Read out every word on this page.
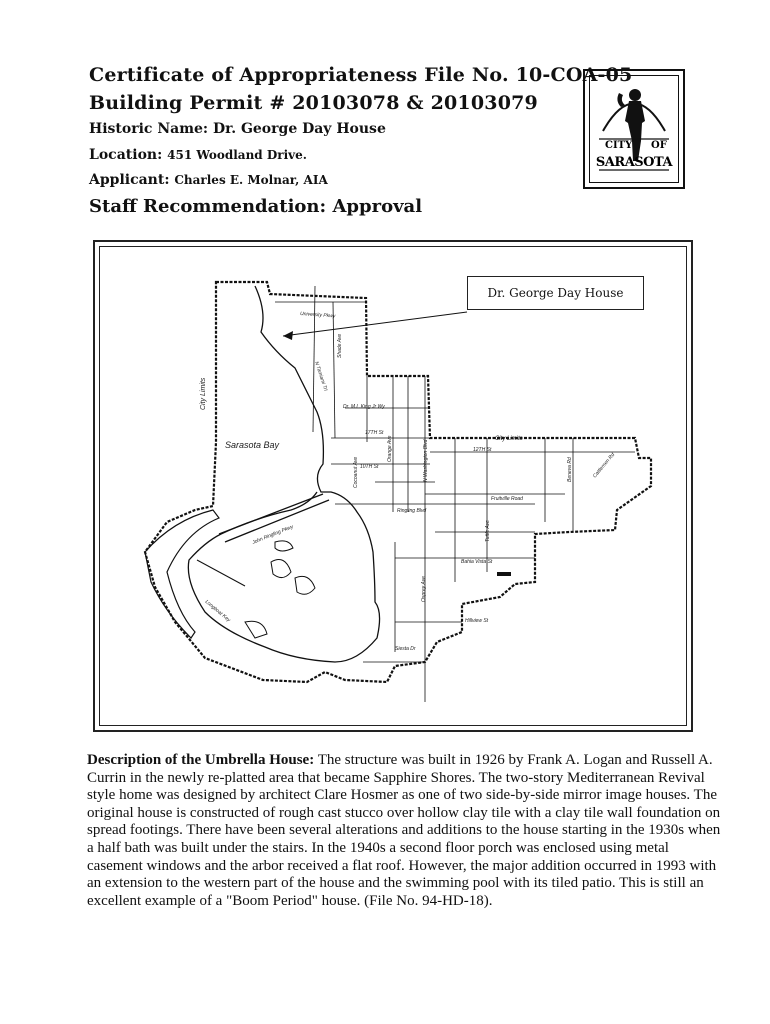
Certificate of Appropriateness File No. 10-COA-05
Building Permit # 20103078 & 20103079
Historic Name: Dr. George Day House
Location: 451 Woodland Drive.
Applicant: Charles E. Molnar, AIA
Staff Recommendation: Approval
CITY OF
SARASOTA
Sarasota Bay
City Limits
City Limits
University Pkwy
17TH St
10TH St
12TH St
Fruitville Road
Ringling Blvd
Bahia Vista St
Siesta Dr
Dr. M.L.King Jr Wy
Hillview St
Tuttle Ave
Osprey Ave
Orange Ave	N Washington Blvd	Beneva Rd	Cattlemen Rd
N Tamiami Trl
Shade Ave
Cocoanut Ave
Longboat Key
John Ringling Pkwy
Dr. George Day House
Description of the Umbrella House: The structure was built in 1926 by Frank A. Logan and Russell A. Currin in the newly re-platted area that became Sapphire Shores. The two-story Mediterranean Revival style home was designed by architect Clare Hosmer as one of two side-by-side mirror image houses. The original house is constructed of rough cast stucco over hollow clay tile with a clay tile wall foundation on spread footings. There have been several alterations and additions to the house starting in the 1930s when a half bath was built under the stairs. In the 1940s a second floor porch was enclosed using metal casement windows and the arbor received a flat roof. However, the major addition occurred in 1993 with an extension to the western part of the house and the swimming pool with its tiled patio. This is still an excellent example of a "Boom Period" house. (File No. 94-HD-18).
